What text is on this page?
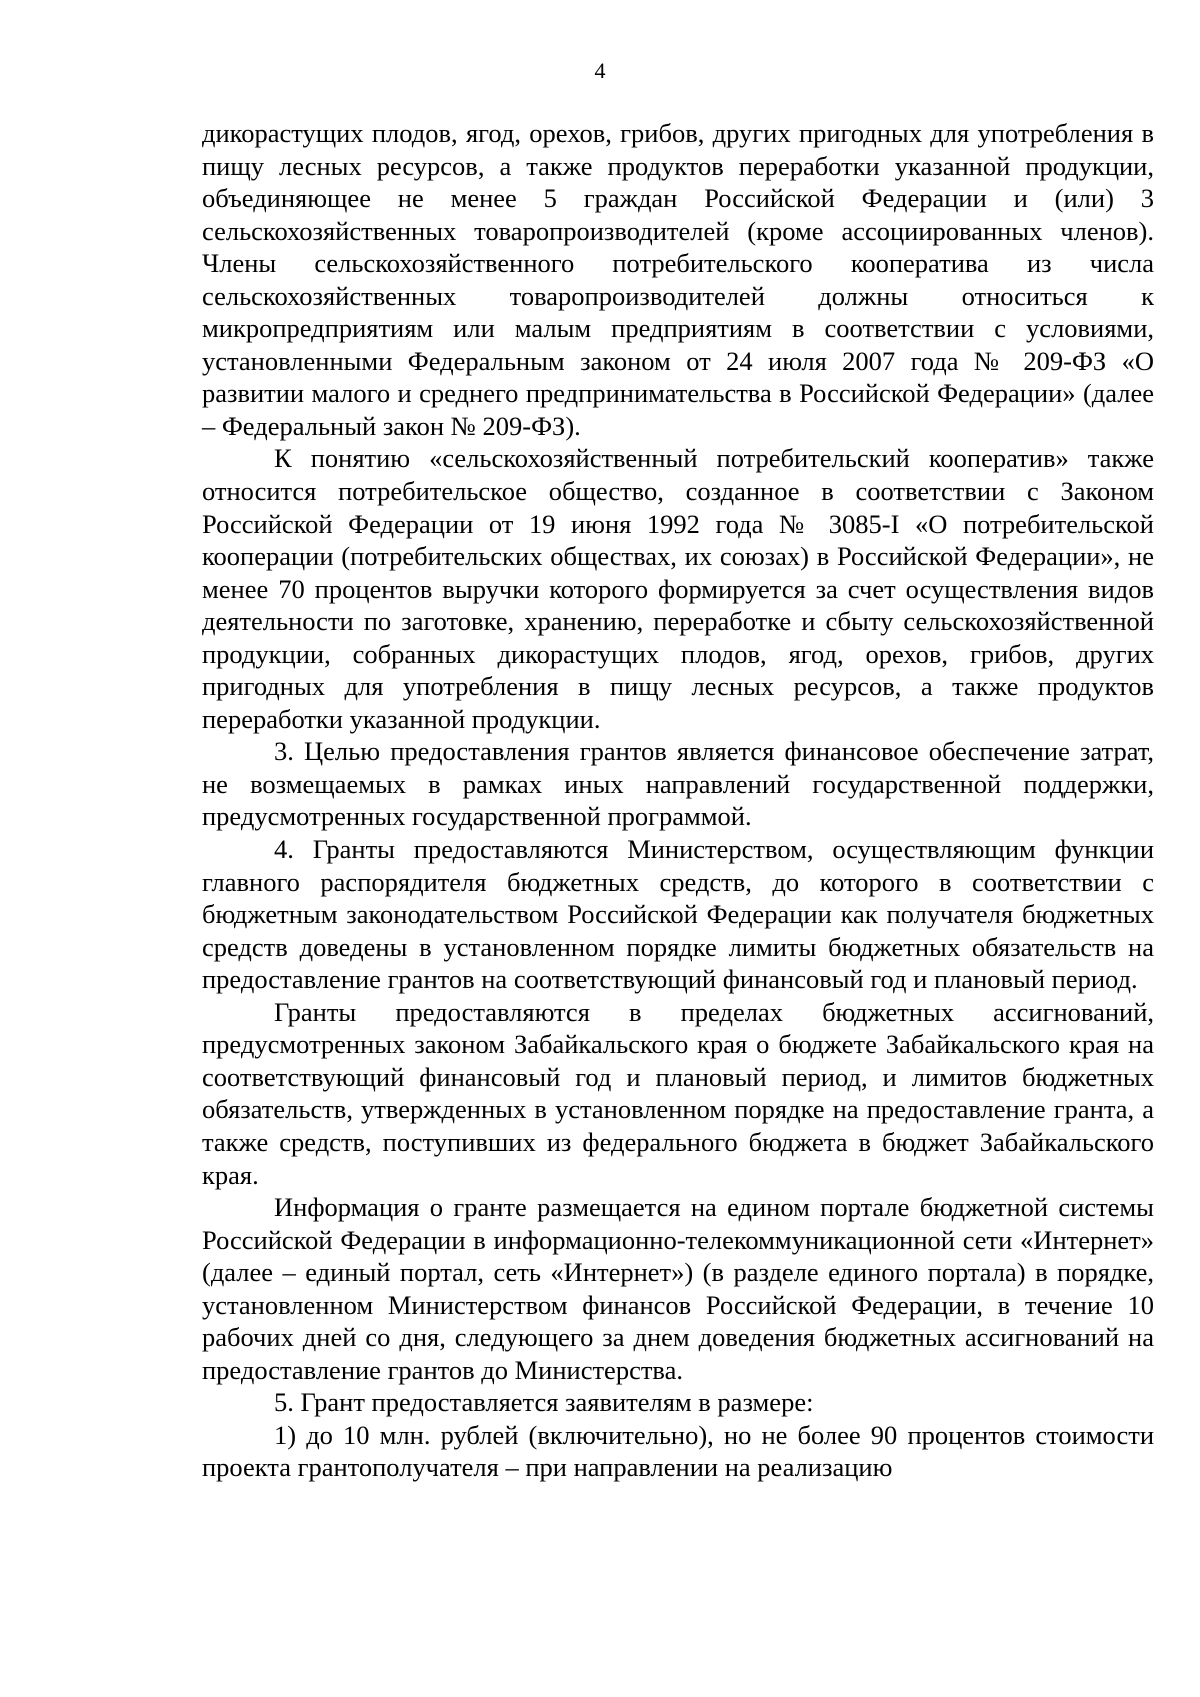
4

дикорастущих плодов, ягод, орехов, грибов, других пригодных для употребления в пищу лесных ресурсов, а также продуктов переработки указанной продукции, объединяющее не менее 5 граждан Российской Федерации и (или) 3 сельскохозяйственных товаропроизводителей (кроме ассоциированных членов). Члены сельскохозяйственного потребительского кооператива из числа сельскохозяйственных товаропроизводителей должны относиться к микропредприятиям или малым предприятиям в соответствии с условиями, установленными Федеральным законом от 24 июля 2007 года № 209-ФЗ «О развитии малого и среднего предпринимательства в Российской Федерации» (далее – Федеральный закон № 209-ФЗ).

К понятию «сельскохозяйственный потребительский кооператив» также относится потребительское общество, созданное в соответствии с Законом Российской Федерации от 19 июня 1992 года № 3085-I «О потребительской кооперации (потребительских обществах, их союзах) в Российской Федерации», не менее 70 процентов выручки которого формируется за счет осуществления видов деятельности по заготовке, хранению, переработке и сбыту сельскохозяйственной продукции, собранных дикорастущих плодов, ягод, орехов, грибов, других пригодных для употребления в пищу лесных ресурсов, а также продуктов переработки указанной продукции.

3. Целью предоставления грантов является финансовое обеспечение затрат, не возмещаемых в рамках иных направлений государственной поддержки, предусмотренных государственной программой.

4. Гранты предоставляются Министерством, осуществляющим функции главного распорядителя бюджетных средств, до которого в соответствии с бюджетным законодательством Российской Федерации как получателя бюджетных средств доведены в установленном порядке лимиты бюджетных обязательств на предоставление грантов на соответствующий финансовый год и плановый период.

Гранты предоставляются в пределах бюджетных ассигнований, предусмотренных законом Забайкальского края о бюджете Забайкальского края на соответствующий финансовый год и плановый период, и лимитов бюджетных обязательств, утвержденных в установленном порядке на предоставление гранта, а также средств, поступивших из федерального бюджета в бюджет Забайкальского края.

Информация о гранте размещается на едином портале бюджетной системы Российской Федерации в информационно-телекоммуникационной сети «Интернет» (далее – единый портал, сеть «Интернет») (в разделе единого портала) в порядке, установленном Министерством финансов Российской Федерации, в течение 10 рабочих дней со дня, следующего за днем доведения бюджетных ассигнований на предоставление грантов до Министерства.

5. Грант предоставляется заявителям в размере:

1) до 10 млн. рублей (включительно), но не более 90 процентов стоимости проекта грантополучателя – при направлении на реализацию
